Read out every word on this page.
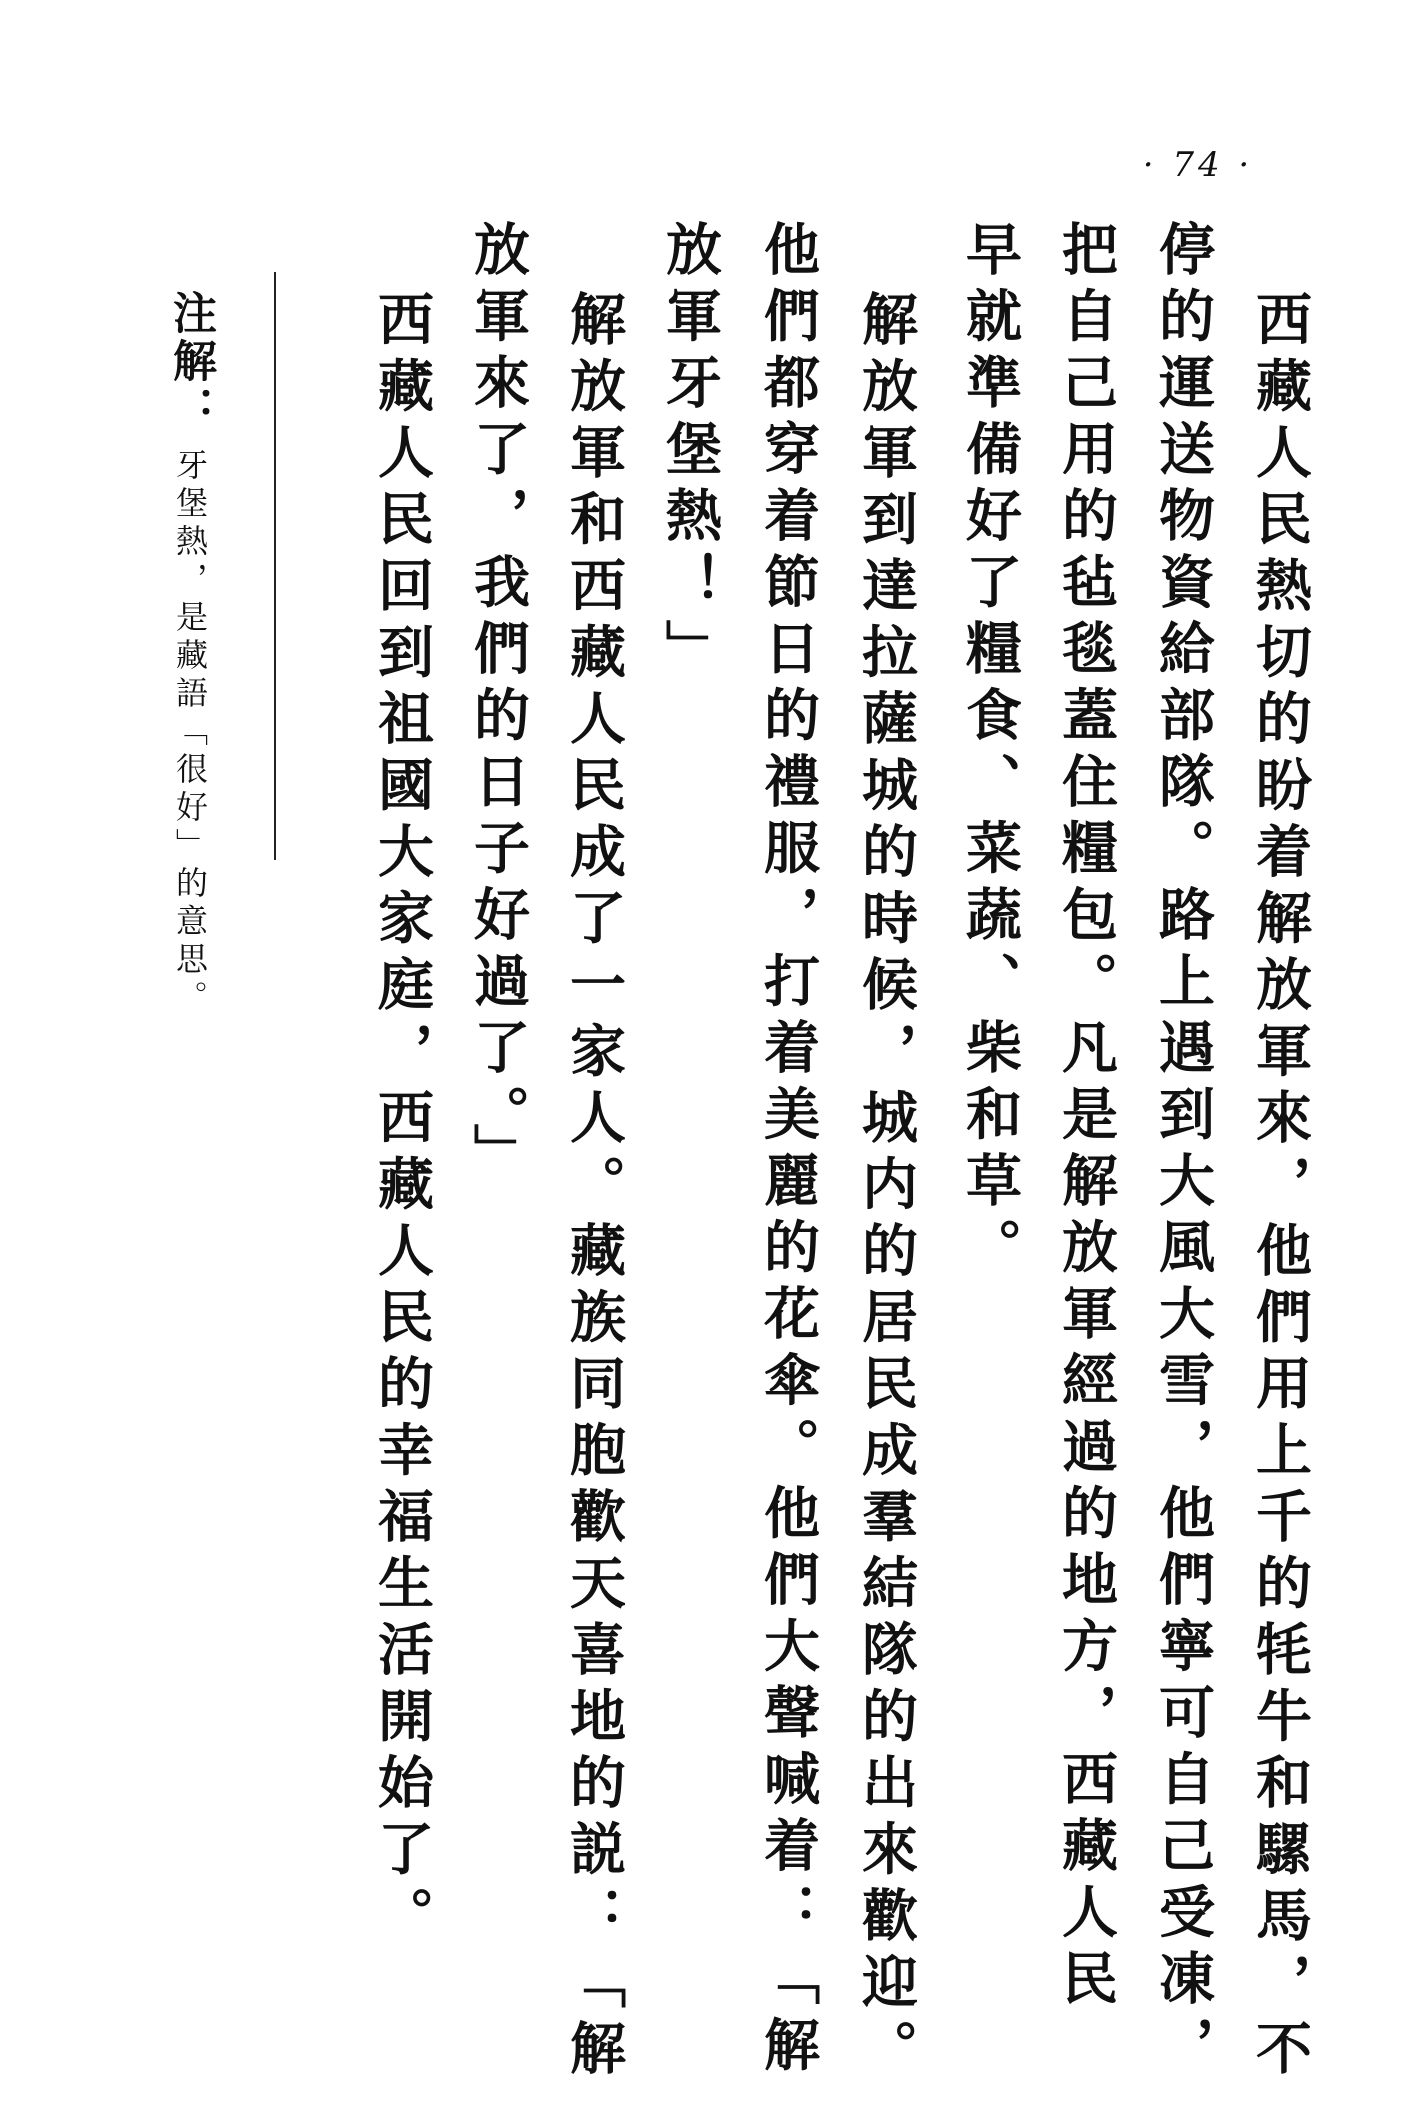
· 74 ·
西藏人民熱切的盼着解放軍來，他們用上千的牦牛和騾馬，不
停的運送物資給部隊。路上遇到大風大雪，他們寧可自己受凍，
把自己用的毡毯蓋住糧包。凡是解放軍經過的地方，西藏人民
早就準備好了糧食、菜蔬、柴和草。
解放軍到達拉薩城的時候，城内的居民成羣結隊的出來歡迎。
他們都穿着節日的禮服，打着美麗的花傘。他們大聲喊着：「解
放軍牙堡熱！」
解放軍和西藏人民成了一家人。藏族同胞歡天喜地的説：「解
放軍來了，我們的日子好過了。」
西藏人民回到祖國大家庭，西藏人民的幸福生活開始了。
注解：牙堡熱，是藏語「很好」的意思。
